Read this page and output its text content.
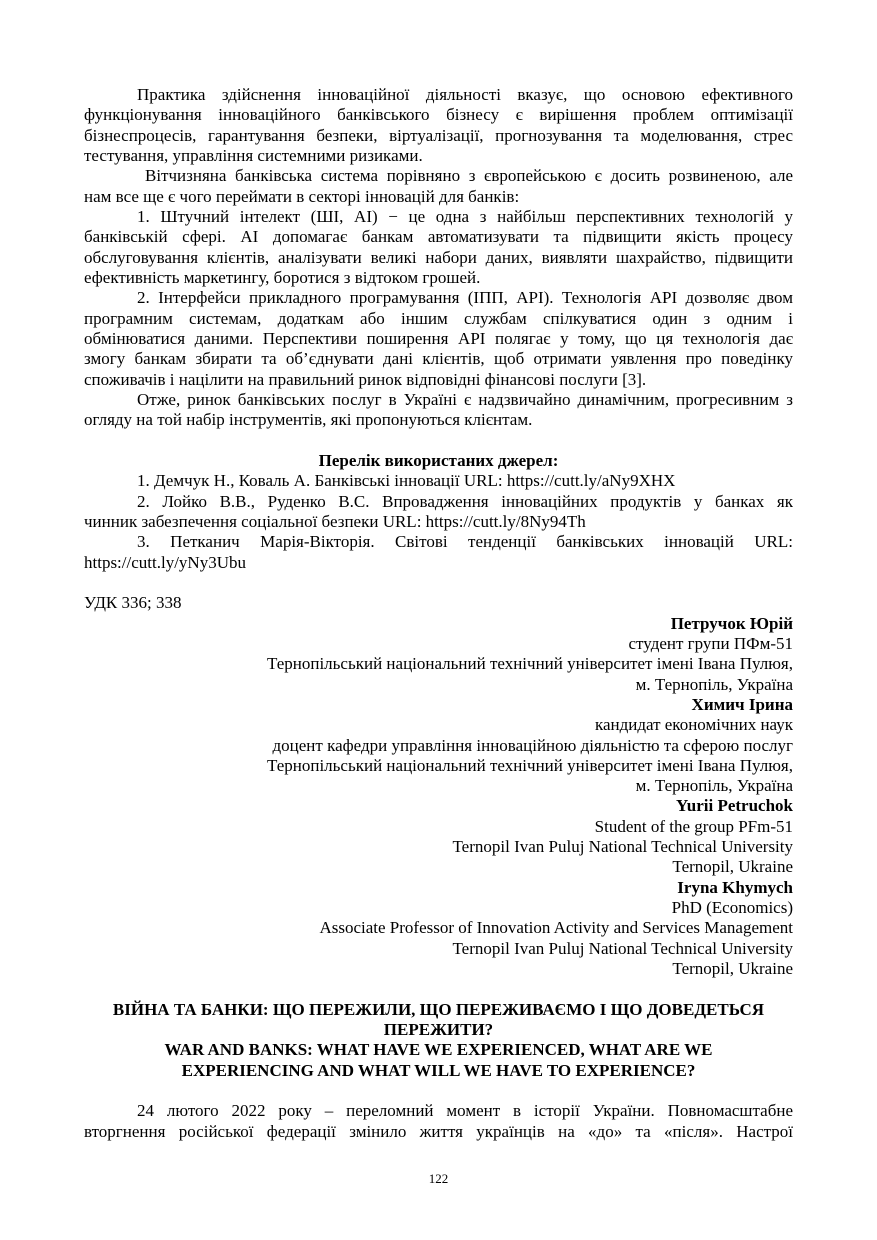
Практика здійснення інноваційної діяльності вказує, що основою ефективного
функціонування інноваційного банківського бізнесу є вирішення проблем оптимізації
бізнеспроцесів, гарантування безпеки, віртуалізації, прогнозування та моделювання, стрес
тестування, управління системними ризиками.
Вітчизняна банківська система порівняно з європейською є досить розвиненою, але
нам все ще є чого переймати в секторі інновацій для банків:
1. Штучний інтелект (ШІ, AI) − це одна з найбільш перспективних технологій у
банківській сфері. AI допомагає банкам автоматизувати та підвищити якість процесу
обслуговування клієнтів, аналізувати великі набори даних, виявляти шахрайство, підвищити
ефективність маркетингу, боротися з відтоком грошей.
2. Інтерфейси прикладного програмування (ІПП, API). Технологія API дозволяє двом
програмним системам, додаткам або іншим службам спілкуватися один з одним і
обмінюватися даними. Перспективи поширення API полягає у тому, що ця технологія дає
змогу банкам збирати та об’єднувати дані клієнтів, щоб отримати уявлення про поведінку
споживачів і націлити на правильний ринок відповідні фінансові послуги [3].
Отже, ринок банківських послуг в Україні є надзвичайно динамічним, прогресивним з
огляду на той набір інструментів, які пропонуються клієнтам.
Перелік використаних джерел:
1. Демчук Н., Коваль А. Банківські інновації URL: https://cutt.ly/aNy9XHX
2. Лойко В.В., Руденко В.С. Впровадження інноваційних продуктів у банках як
чинник забезпечення соціальної безпеки URL: https://cutt.ly/8Ny94Th
3. Петканич Марія-Вікторія. Світові тенденції банківських інновацій URL:
https://cutt.ly/yNy3Ubu
УДК 336; 338
Петручок Юрій
студент групи ПФм-51
Тернопільський національний технічний університет імені Івана Пулюя,
м. Тернопіль, Україна
Химич Ірина
кандидат економічних наук
доцент кафедри управління інноваційною діяльністю та сферою послуг
Тернопільський національний технічний університет імені Івана Пулюя,
м. Тернопіль, Україна
Yurii Petruchok
Student of the group PFm-51
Ternopil Ivan Puluj National Technical University
Ternopil, Ukraine
Iryna Khymych
PhD (Economics)
Associate Professor of Innovation Activity and Services Management
Ternopil Ivan Puluj National Technical University
Ternopil, Ukraine
ВІЙНА ТА БАНКИ: ЩО ПЕРЕЖИЛИ, ЩО ПЕРЕЖИВАЄМО І ЩО ДОВЕДЕТЬСЯ
ПЕРЕЖИТИ?
WAR AND BANKS: WHAT HAVE WE EXPERIENCED, WHAT ARE WE
EXPERIENCING AND WHAT WILL WE HAVE TO EXPERIENCE?
24 лютого 2022 року – переломний момент в історії України. Повномасштабне
вторгнення російської федерації змінило життя українців на «до» та «після». Настрої
122
